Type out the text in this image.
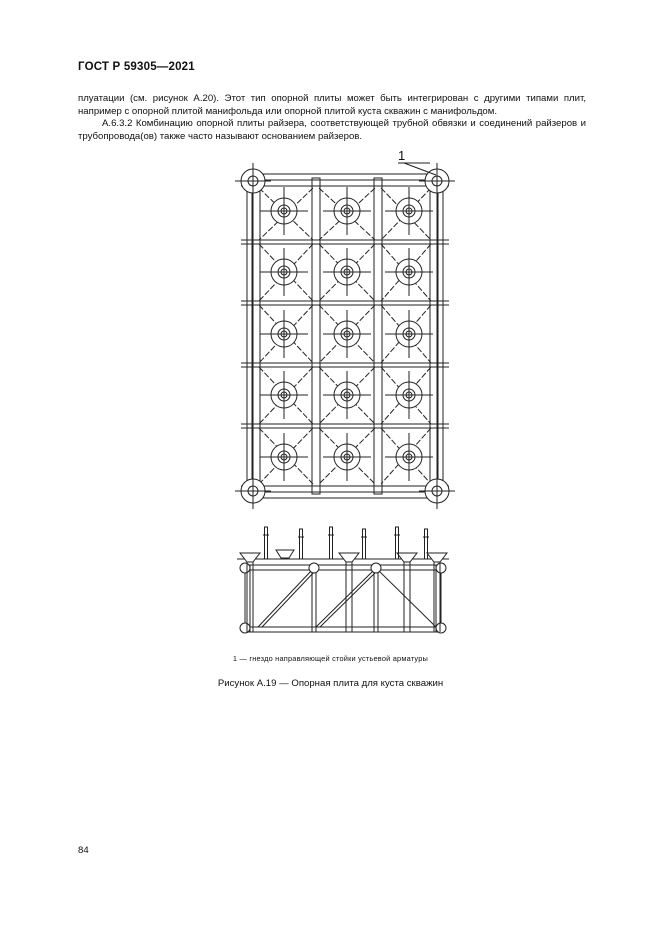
ГОСТ Р 59305—2021
плуатации (см. рисунок А.20). Этот тип опорной плиты может быть интегрирован с другими типами плит, например с опорной плитой манифольда или опорной плитой куста скважин с манифольдом.
А.6.3.2 Комбинацию опорной плиты райзера, соответствующей трубной обвязки и соединений райзеров и трубопровода(ов) также часто называют основанием райзеров.
1
1 — гнездо направляющей стойки устьевой арматуры
Рисунок А.19 — Опорная плита для куста скважин
84
